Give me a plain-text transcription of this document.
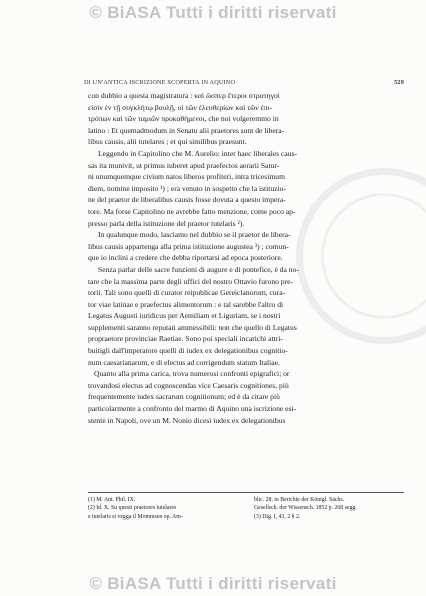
© BiASA Tutti i diritti riservati
DI UN'ANTICA ISCRIZIONE SCOPERTA IN AQUINO	529
con dubbio a questa magistratura : καὶ ὥσπερ ἕτεροι στρατηγοὶ
εἰσὶν ἐν τῇ συγκλήτῳ βουλῇ, οἱ τῶν ἐλευθερίων καὶ τῶν ἐπι-
τρόπων καὶ τῶν ταμιῶν προκαθήμενοι, che noi volgeremmo in
latino : Et quemadmodum in Senatu alii praetores sunt de libera-
libus causis, alii tutelares ; et qui similibus praesunt.
Leggendo in Capitolino che M. Aurelio: inter haec liberales caus-
sas ita munivit, ut primus iuberet apud praefectos aerarii Satur-
ni unumquemque civium natos liberos profiteri, intra tricesimum
diem, nomine imposito ¹) ; era venuto in sospetto che la istituzio-
ne del praetor de liberalibus causis fosse dovuta a questo impera-
tore. Ma forse Capitolino ne avrebbe fatto menzione, come poco ap-
presso parla della istituzione del praetor tutelaris ²).
In qualunque modo, lasciamo nel dubbio se il praetor de libera-
libus causis appartenga alla prima istituzione augustea ³) ; comun-
que io inclini a credere che debba riportarsi ad epoca posteriore.
Senza parlar delle sacre funzioni di augure e di pontefice, è da no-
tare che la massima parte degli uffici del nostro Ottavio furono pre-
torii. Tali sono quelli di curator reipublicae Gereiclanorum, cura-
tor viae latinae e praefectus alimentorum : e tal sarebbe l'altro di
Legatus Augusti iuridicus per Aemiliam et Liguriam, se i nostri
supplementi saranno reputati ammessibili: non che quello di Legatus
propraetore provinciae Raetiae. Sono poi speciali incarichi attri-
buitigli dall'imperatore quelli di iudex ex delegationibus cognitio-
num caesarianarum, e di electus ad corrigendum statum Italiae.
Quanto alla prima carica, trova numerosi confronti epigrafici; or
trovandosi electus ad cognoscendas vice Caesaris cognitiones, più
frequentemente iudex sacrarum cognitionum; ed è da citare più
particolarmente a confronto del marmo di Aquino una iscrizione esi-
stente in Napoli, ove un M. Nonio dicesi iudex ex delegationibus
(1) M. Ant. Phil. IX.
(2) Id. X. Su questi praetores tutelares
e tutelaris si vegga il Mommsen op. Am-
blic. 28, in Berichte der Königl. Sächs.
Gesellsch. der Wissensch. 1852 p. 268 segg.
(3) Dig. I, 43, 2 § 2.
© BiASA Tutti i diritti riservati
